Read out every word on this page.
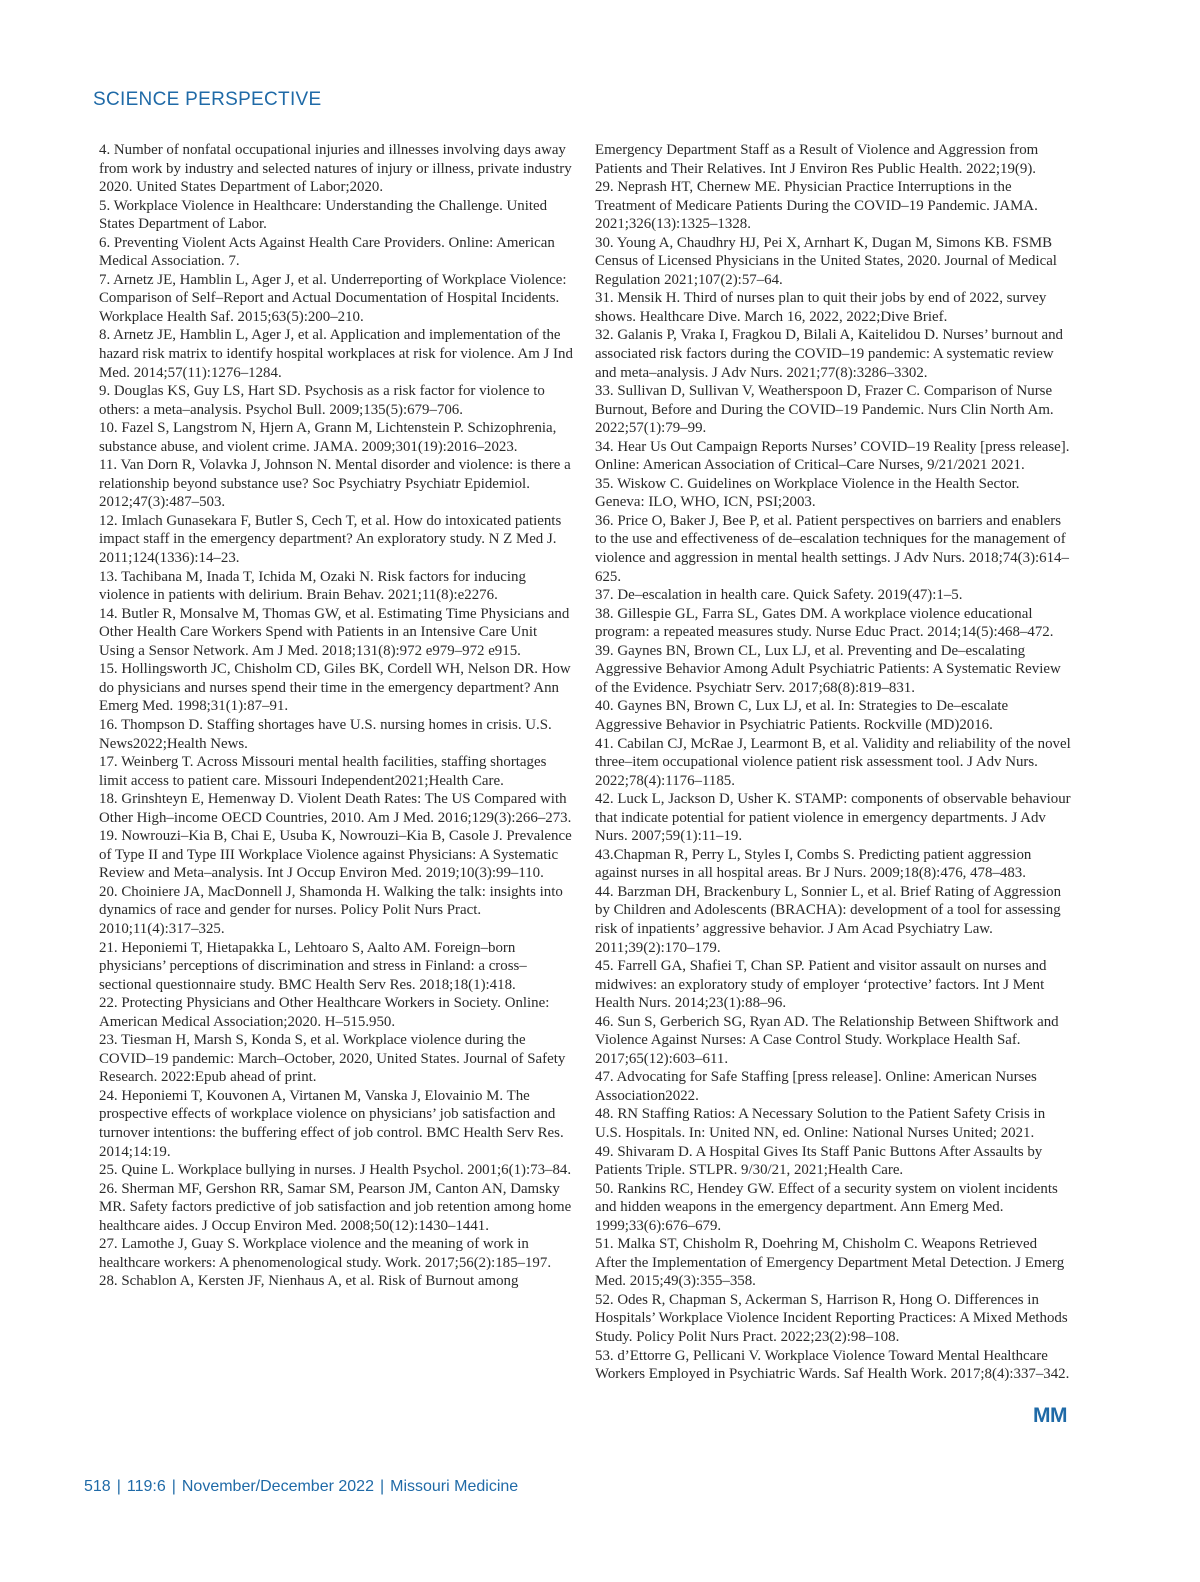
SCIENCE PERSPECTIVE

4. Number of nonfatal occupational injuries and illnesses involving days away from work by industry and selected natures of injury or illness, private industry 2020. United States Department of Labor;2020.

5. Workplace Violence in Healthcare: Understanding the Challenge. United States Department of Labor.

6. Preventing Violent Acts Against Health Care Providers. Online: American Medical Association. 7.

7. Arnetz JE, Hamblin L, Ager J, et al. Underreporting of Workplace Violence: Comparison of Self–Report and Actual Documentation of Hospital Incidents. Workplace Health Saf. 2015;63(5):200–210.

8. Arnetz JE, Hamblin L, Ager J, et al. Application and implementation of the hazard risk matrix to identify hospital workplaces at risk for violence. Am J Ind Med. 2014;57(11):1276–1284.

9. Douglas KS, Guy LS, Hart SD. Psychosis as a risk factor for violence to others: a meta–analysis. Psychol Bull. 2009;135(5):679–706.

10. Fazel S, Langstrom N, Hjern A, Grann M, Lichtenstein P. Schizophrenia, substance abuse, and violent crime. JAMA. 2009;301(19):2016–2023.

11. Van Dorn R, Volavka J, Johnson N. Mental disorder and violence: is there a relationship beyond substance use? Soc Psychiatry Psychiatr Epidemiol. 2012;47(3):487–503.

12. Imlach Gunasekara F, Butler S, Cech T, et al. How do intoxicated patients impact staff in the emergency department? An exploratory study. N Z Med J. 2011;124(1336):14–23.

13. Tachibana M, Inada T, Ichida M, Ozaki N. Risk factors for inducing violence in patients with delirium. Brain Behav. 2021;11(8):e2276.

14. Butler R, Monsalve M, Thomas GW, et al. Estimating Time Physicians and Other Health Care Workers Spend with Patients in an Intensive Care Unit Using a Sensor Network. Am J Med. 2018;131(8):972 e979–972 e915.

15. Hollingsworth JC, Chisholm CD, Giles BK, Cordell WH, Nelson DR. How do physicians and nurses spend their time in the emergency department? Ann Emerg Med. 1998;31(1):87–91.

16. Thompson D. Staffing shortages have U.S. nursing homes in crisis. U.S. News2022;Health News.

17. Weinberg T. Across Missouri mental health facilities, staffing shortages limit access to patient care. Missouri Independent2021;Health Care.

18. Grinshteyn E, Hemenway D. Violent Death Rates: The US Compared with Other High–income OECD Countries, 2010. Am J Med. 2016;129(3):266–273.

19. Nowrouzi–Kia B, Chai E, Usuba K, Nowrouzi–Kia B, Casole J. Prevalence of Type II and Type III Workplace Violence against Physicians: A Systematic Review and Meta–analysis. Int J Occup Environ Med. 2019;10(3):99–110.

20. Choiniere JA, MacDonnell J, Shamonda H. Walking the talk: insights into dynamics of race and gender for nurses. Policy Polit Nurs Pract. 2010;11(4):317–325.

21. Heponiemi T, Hietapakka L, Lehtoaro S, Aalto AM. Foreign–born physicians’ perceptions of discrimination and stress in Finland: a cross–sectional questionnaire study. BMC Health Serv Res. 2018;18(1):418.

22. Protecting Physicians and Other Healthcare Workers in Society. Online: American Medical Association;2020. H–515.950.

23. Tiesman H, Marsh S, Konda S, et al. Workplace violence during the COVID–19 pandemic: March–October, 2020, United States. Journal of Safety Research. 2022:Epub ahead of print.

24. Heponiemi T, Kouvonen A, Virtanen M, Vanska J, Elovainio M. The prospective effects of workplace violence on physicians’ job satisfaction and turnover intentions: the buffering effect of job control. BMC Health Serv Res. 2014;14:19.

25. Quine L. Workplace bullying in nurses. J Health Psychol. 2001;6(1):73–84.

26. Sherman MF, Gershon RR, Samar SM, Pearson JM, Canton AN, Damsky MR. Safety factors predictive of job satisfaction and job retention among home healthcare aides. J Occup Environ Med. 2008;50(12):1430–1441.

27. Lamothe J, Guay S. Workplace violence and the meaning of work in healthcare workers: A phenomenological study. Work. 2017;56(2):185–197.

28. Schablon A, Kersten JF, Nienhaus A, et al. Risk of Burnout among

Emergency Department Staff as a Result of Violence and Aggression from Patients and Their Relatives. Int J Environ Res Public Health. 2022;19(9).

29. Neprash HT, Chernew ME. Physician Practice Interruptions in the Treatment of Medicare Patients During the COVID–19 Pandemic. JAMA. 2021;326(13):1325–1328.

30. Young A, Chaudhry HJ, Pei X, Arnhart K, Dugan M, Simons KB. FSMB Census of Licensed Physicians in the United States, 2020. Journal of Medical Regulation 2021;107(2):57–64.

31. Mensik H. Third of nurses plan to quit their jobs by end of 2022, survey shows. Healthcare Dive. March 16, 2022, 2022;Dive Brief.

32. Galanis P, Vraka I, Fragkou D, Bilali A, Kaitelidou D. Nurses’ burnout and associated risk factors during the COVID–19 pandemic: A systematic review and meta–analysis. J Adv Nurs. 2021;77(8):3286–3302.

33. Sullivan D, Sullivan V, Weatherspoon D, Frazer C. Comparison of Nurse Burnout, Before and During the COVID–19 Pandemic. Nurs Clin North Am. 2022;57(1):79–99.

34. Hear Us Out Campaign Reports Nurses’ COVID–19 Reality [press release]. Online: American Association of Critical–Care Nurses, 9/21/2021 2021.

35. Wiskow C. Guidelines on Workplace Violence in the Health Sector. Geneva: ILO, WHO, ICN, PSI;2003.

36. Price O, Baker J, Bee P, et al. Patient perspectives on barriers and enablers to the use and effectiveness of de–escalation techniques for the management of violence and aggression in mental health settings. J Adv Nurs. 2018;74(3):614–625.

37. De–escalation in health care. Quick Safety. 2019(47):1–5.

38. Gillespie GL, Farra SL, Gates DM. A workplace violence educational program: a repeated measures study. Nurse Educ Pract. 2014;14(5):468–472.

39. Gaynes BN, Brown CL, Lux LJ, et al. Preventing and De–escalating Aggressive Behavior Among Adult Psychiatric Patients: A Systematic Review of the Evidence. Psychiatr Serv. 2017;68(8):819–831.

40. Gaynes BN, Brown C, Lux LJ, et al. In: Strategies to De–escalate Aggressive Behavior in Psychiatric Patients. Rockville (MD)2016.

41. Cabilan CJ, McRae J, Learmont B, et al. Validity and reliability of the novel three–item occupational violence patient risk assessment tool. J Adv Nurs. 2022;78(4):1176–1185.

42. Luck L, Jackson D, Usher K. STAMP: components of observable behaviour that indicate potential for patient violence in emergency departments. J Adv Nurs. 2007;59(1):11–19.

43.Chapman R, Perry L, Styles I, Combs S. Predicting patient aggression against nurses in all hospital areas. Br J Nurs. 2009;18(8):476, 478–483.

44. Barzman DH, Brackenbury L, Sonnier L, et al. Brief Rating of Aggression by Children and Adolescents (BRACHA): development of a tool for assessing risk of inpatients’ aggressive behavior. J Am Acad Psychiatry Law. 2011;39(2):170–179.

45. Farrell GA, Shafiei T, Chan SP. Patient and visitor assault on nurses and midwives: an exploratory study of employer ‘protective’ factors. Int J Ment Health Nurs. 2014;23(1):88–96.

46. Sun S, Gerberich SG, Ryan AD. The Relationship Between Shiftwork and Violence Against Nurses: A Case Control Study. Workplace Health Saf. 2017;65(12):603–611.

47. Advocating for Safe Staffing [press release]. Online: American Nurses Association2022.

48. RN Staffing Ratios: A Necessary Solution to the Patient Safety Crisis in U.S. Hospitals. In: United NN, ed. Online: National Nurses United; 2021.

49. Shivaram D. A Hospital Gives Its Staff Panic Buttons After Assaults by Patients Triple. STLPR. 9/30/21, 2021;Health Care.

50. Rankins RC, Hendey GW. Effect of a security system on violent incidents and hidden weapons in the emergency department. Ann Emerg Med. 1999;33(6):676–679.

51. Malka ST, Chisholm R, Doehring M, Chisholm C. Weapons Retrieved After the Implementation of Emergency Department Metal Detection. J Emerg Med. 2015;49(3):355–358.

52. Odes R, Chapman S, Ackerman S, Harrison R, Hong O. Differences in Hospitals’ Workplace Violence Incident Reporting Practices: A Mixed Methods Study. Policy Polit Nurs Pract. 2022;23(2):98–108.

53. d’Ettorre G, Pellicani V. Workplace Violence Toward Mental Healthcare Workers Employed in Psychiatric Wards. Saf Health Work. 2017;8(4):337–342.

MM
518 | 119:6 | November/December 2022 | Missouri Medicine
